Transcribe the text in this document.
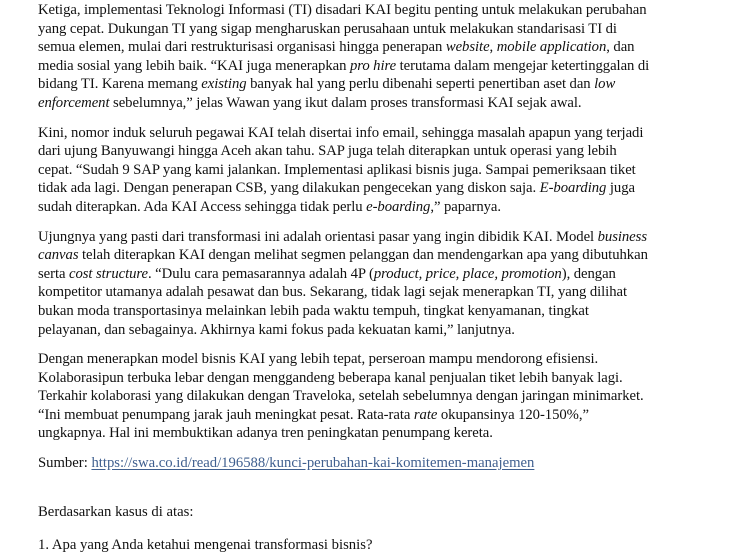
Ketiga, implementasi Teknologi Informasi (TI) disadari KAI begitu penting untuk melakukan perubahan yang cepat. Dukungan TI yang sigap mengharuskan perusahaan untuk melakukan standarisasi TI di semua elemen, mulai dari restrukturisasi organisasi hingga penerapan website, mobile application, dan media sosial yang lebih baik. “KAI juga menerapkan pro hire terutama dalam mengejar ketertinggalan di bidang TI. Karena memang existing banyak hal yang perlu dibenahi seperti penertiban aset dan low enforcement sebelumnya,” jelas Wawan yang ikut dalam proses transformasi KAI sejak awal.

Kini, nomor induk seluruh pegawai KAI telah disertai info email, sehingga masalah apapun yang terjadi dari ujung Banyuwangi hingga Aceh akan tahu. SAP juga telah diterapkan untuk operasi yang lebih cepat. “Sudah 9 SAP yang kami jalankan. Implementasi aplikasi bisnis juga. Sampai pemeriksaan tiket tidak ada lagi. Dengan penerapan CSB, yang dilakukan pengecekan yang diskon saja. E-boarding juga sudah diterapkan. Ada KAI Access sehingga tidak perlu e-boarding,” paparnya.

Ujungnya yang pasti dari transformasi ini adalah orientasi pasar yang ingin dibidik KAI. Model business canvas telah diterapkan KAI dengan melihat segmen pelanggan dan mendengarkan apa yang dibutuhkan serta cost structure. “Dulu cara pemasarannya adalah 4P (product, price, place, promotion), dengan kompetitor utamanya adalah pesawat dan bus. Sekarang, tidak lagi sejak menerapkan TI, yang dilihat bukan moda transportasinya melainkan lebih pada waktu tempuh, tingkat kenyamanan, tingkat pelayanan, dan sebagainya. Akhirnya kami fokus pada kekuatan kami,” lanjutnya.

Dengan menerapkan model bisnis KAI yang lebih tepat, perseroan mampu mendorong efisiensi. Kolaborasipun terbuka lebar dengan menggandeng beberapa kanal penjualan tiket lebih banyak lagi. Terkahir kolaborasi yang dilakukan dengan Traveloka, setelah sebelumnya dengan jaringan minimarket. “Ini membuat penumpang jarak jauh meningkat pesat. Rata-rata rate okupansinya 120-150%,” ungkapnya. Hal ini membuktikan adanya tren peningkatan penumpang kereta.

Sumber: https://swa.co.id/read/196588/kunci-perubahan-kai-komitemen-manajemen

Berdasarkan kasus di atas:

1. Apa yang Anda ketahui mengenai transformasi bisnis?
